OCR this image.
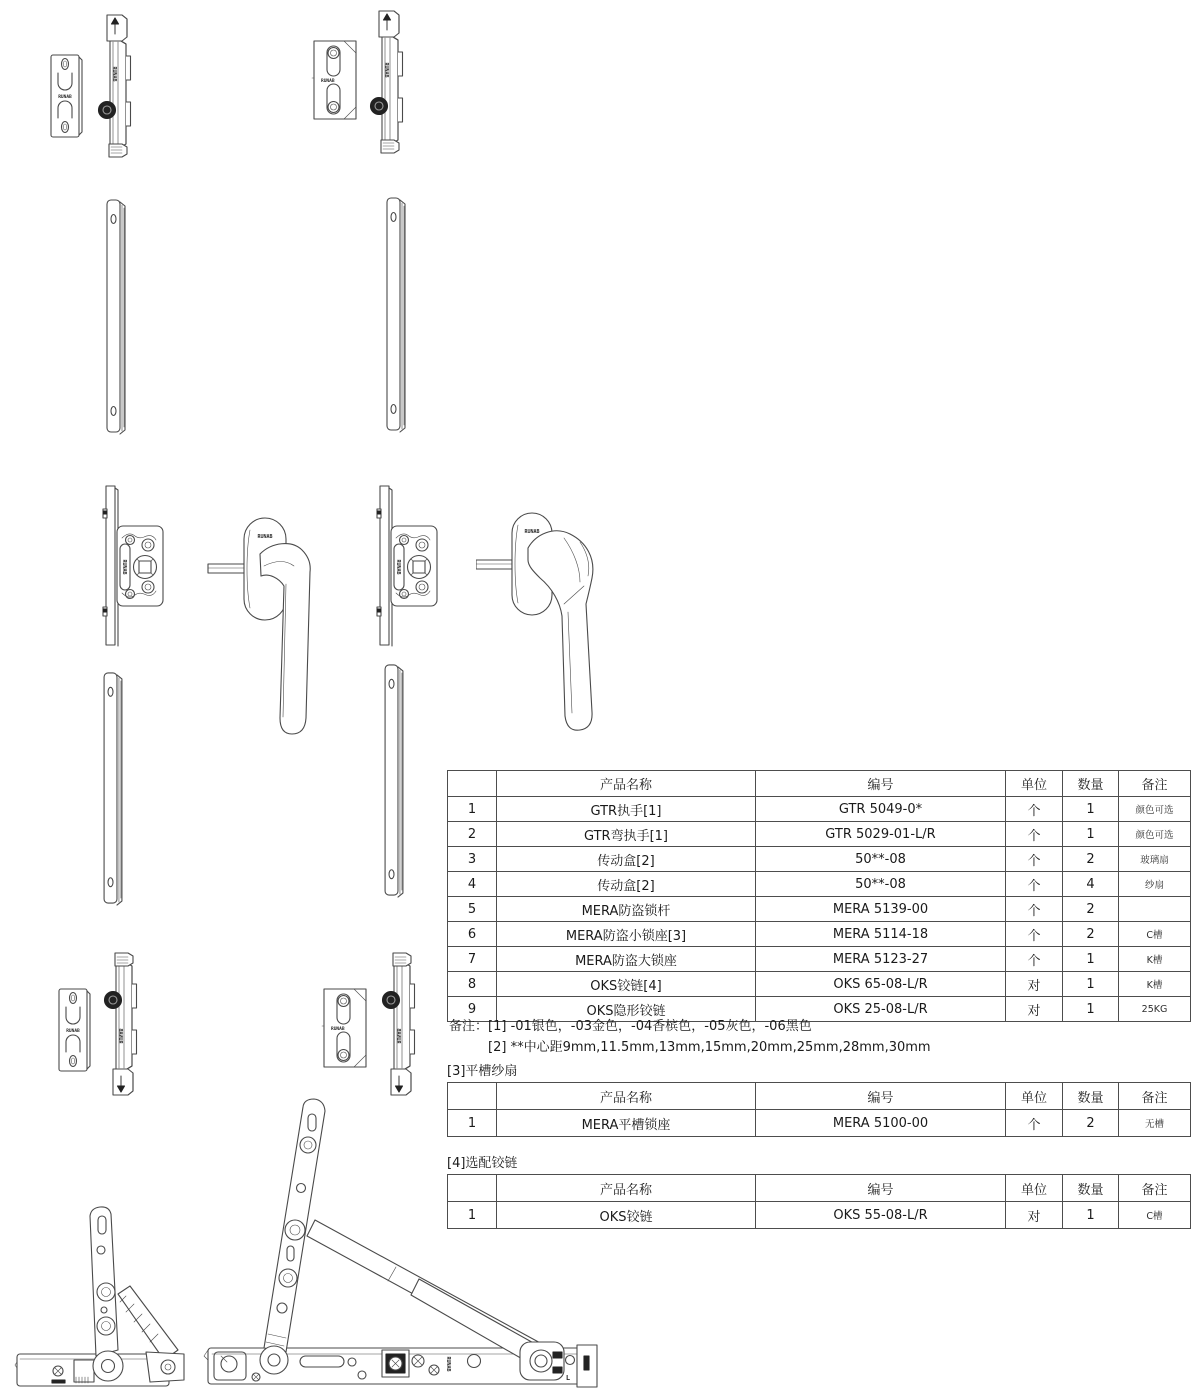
RUNAB
RUNAB	RUNAB
RUNAB
RUNAB	RUNAB
RUNAB
RUNAB
RUNAB	RUNAB	RUNAB	RUNAB
RUNAB
L
	产品名称	编号	单位	数量	备注
1	GTR执手[1]	GTR 5049-0*	个	1	颜色可选
2	GTR弯执手[1]	GTR 5029-01-L/R	个	1	颜色可选
3	传动盒[2]	50**-08	个	2	玻璃扇
4	传动盒[2]	50**-08	个	4	纱扇
5	MERA防盗锁杆	MERA 5139-00	个	2	
6	MERA防盗小锁座[3]	MERA 5114-18	个	2	C槽
7	MERA防盗大锁座	MERA 5123-27	个	1	K槽
8	OKS铰链[4]	OKS 65-08-L/R	对	1	K槽
9	OKS隐形铰链	OKS 25-08-L/R	对	1	25KG
备注： [1] -01银色，-03金色，-04香槟色，-05灰色，-06黑色
[2] **中心距9mm,11.5mm,13mm,15mm,20mm,25mm,28mm,30mm
[3]平槽纱扇
	产品名称	编号	单位	数量	备注
1	MERA平槽锁座	MERA 5100-00	个	2	无槽
[4]选配铰链
	产品名称	编号	单位	数量	备注
1	OKS铰链	OKS 55-08-L/R	对	1	C槽
